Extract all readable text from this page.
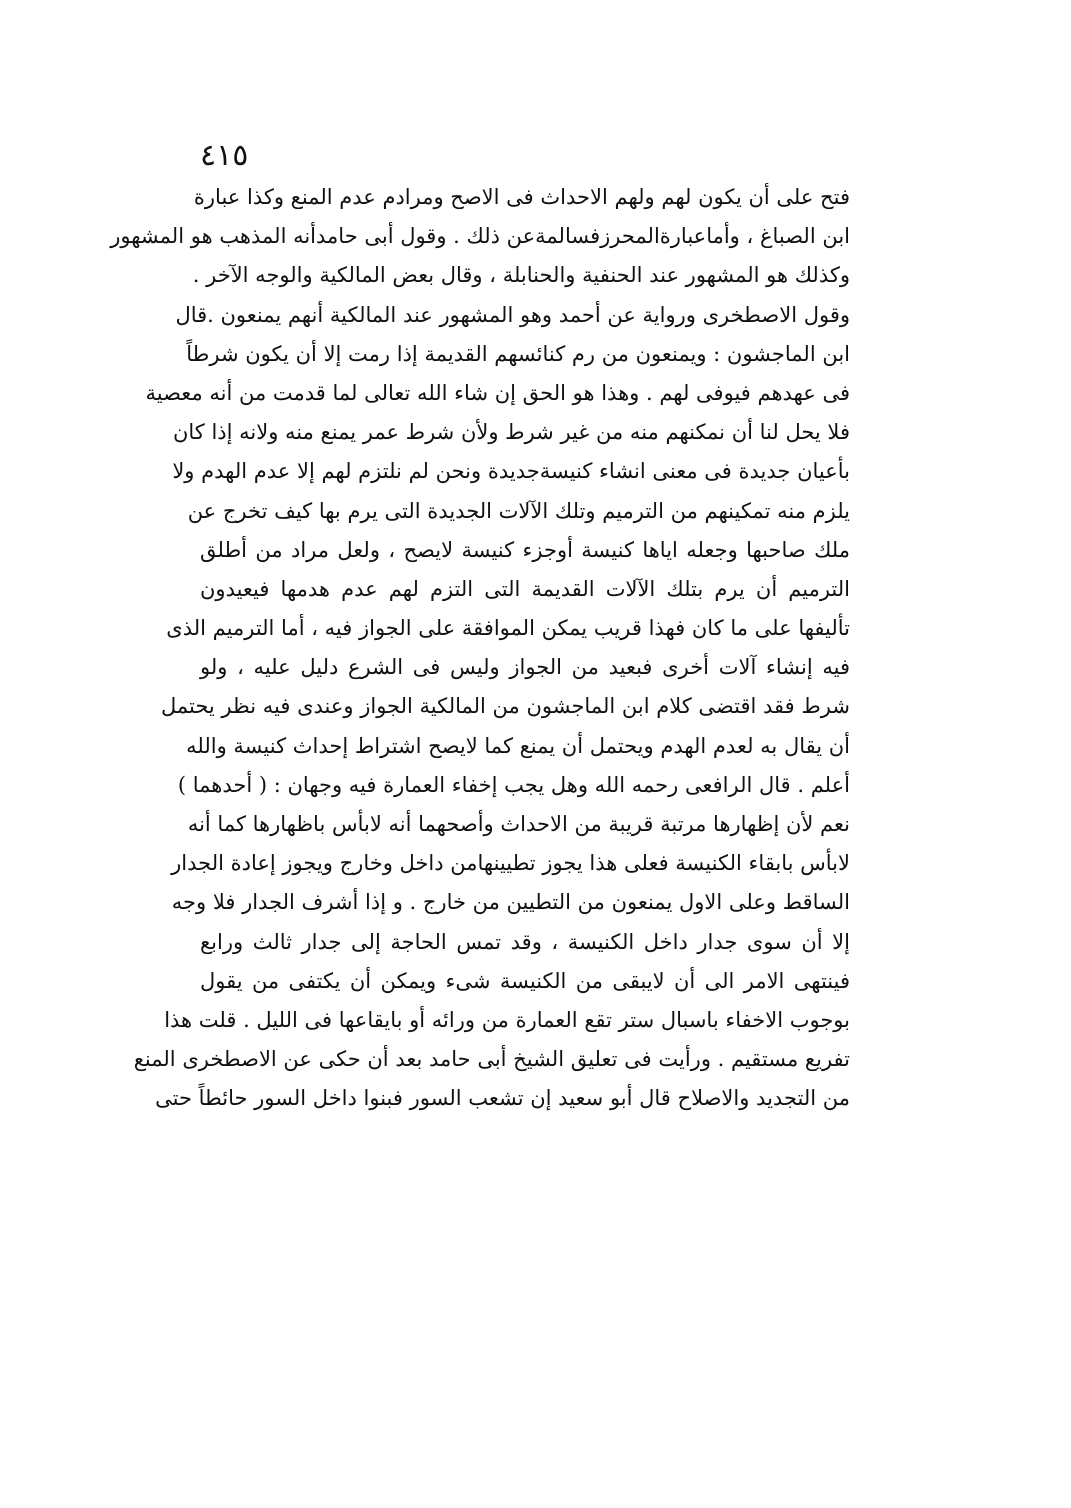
٤١٥
فتح على أن يكون لهم ولهم الاحداث فى الاصح ومرادم عدم المنع وكذا عبارة
ابن الصباغ ، وأماعبارةالمحرزفسالمةعن ذلك . وقول أبى حامدأنه المذهب هو المشهور
وكذلك هو المشهور عند الحنفية والحنابلة ، وقال بعض المالكية والوجه الآخر .
وقول الاصطخرى ورواية عن أحمد وهو المشهور عند المالكية أنهم يمنعون .قال
ابن الماجشون : ويمنعون من رم كنائسهم القديمة إذا رمت إلا أن يكون شرطاً
فى عهدهم فيوفى لهم . وهذا هو الحق إن شاء الله تعالى لما قدمت من أنه معصية
فلا يحل لنا أن نمكنهم منه من غير شرط ولأن شرط عمر يمنع منه ولانه إذا كان
بأعيان جديدة فى معنى انشاء كنيسةجديدة ونحن لم نلتزم لهم إلا عدم الهدم ولا
يلزم منه تمكينهم من الترميم وتلك الآلات الجديدة التى يرم بها كيف تخرج عن
ملك صاحبها وجعله اياها كنيسة أوجزء كنيسة لايصح ، ولعل مراد من أطلق
الترميم أن يرم بتلك الآلات القديمة التى التزم لهم عدم هدمها فيعيدون
تأليفها على ما كان فهذا قريب يمكن الموافقة على الجواز فيه ، أما الترميم الذى
فيه إنشاء آلات أخرى فبعيد من الجواز وليس فى الشرع دليل عليه ، ولو
شرط فقد اقتضى كلام ابن الماجشون من المالكية الجواز وعندى فيه نظر يحتمل
أن يقال به لعدم الهدم ويحتمل أن يمنع كما لايصح اشتراط إحداث كنيسة والله
أعلم . قال الرافعى رحمه الله وهل يجب إخفاء العمارة فيه وجهان : ( أحدهما )
نعم لأن إظهارها مرتبة قريبة من الاحداث وأصحهما أنه لابأس باظهارها كما أنه
لابأس بابقاء الكنيسة فعلى هذا يجوز تطيينهامن داخل وخارج ويجوز إعادة الجدار
الساقط وعلى الاول يمنعون من التطيين من خارج . و إذا أشرف الجدار فلا وجه
إلا أن سوى جدار داخل الكنيسة ، وقد تمس الحاجة إلى جدار ثالث ورابع
فينتهى الامر الى أن لايبقى من الكنيسة شىء ويمكن أن يكتفى من يقول
بوجوب الاخفاء باسبال ستر تقع العمارة من ورائه أو بايقاعها فى الليل . قلت هذا
تفريع مستقيم . ورأيت فى تعليق الشيخ أبى حامد بعد أن حكى عن الاصطخرى المنع
من التجديد والاصلاح قال أبو سعيد إن تشعب السور فبنوا داخل السور حائطاً حتى
